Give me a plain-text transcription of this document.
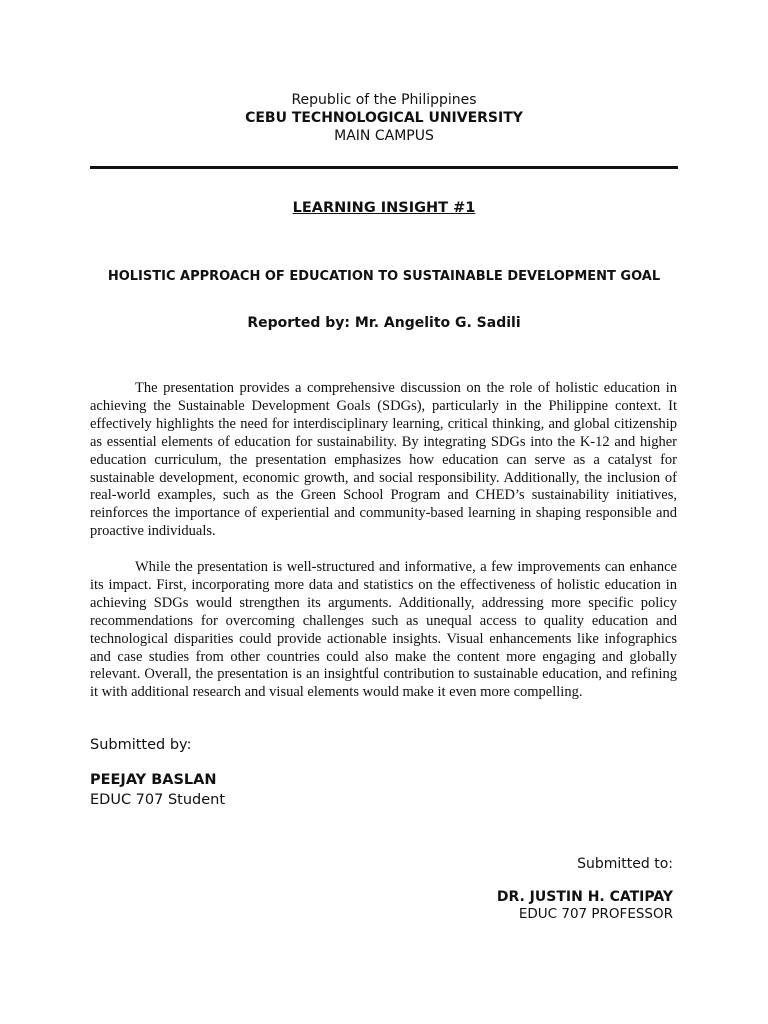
Republic of the Philippines
CEBU TECHNOLOGICAL UNIVERSITY
MAIN CAMPUS
LEARNING INSIGHT #1
HOLISTIC APPROACH OF EDUCATION TO SUSTAINABLE DEVELOPMENT GOAL
Reported by: Mr. Angelito G. Sadili

The presentation provides a comprehensive discussion on the role of holistic education in achieving the Sustainable Development Goals (SDGs), particularly in the Philippine context. It effectively highlights the need for interdisciplinary learning, critical thinking, and global citizenship as essential elements of education for sustainability. By integrating SDGs into the K-12 and higher education curriculum, the presentation emphasizes how education can serve as a catalyst for sustainable development, economic growth, and social responsibility. Additionally, the inclusion of real-world examples, such as the Green School Program and CHED’s sustainability initiatives, reinforces the importance of experiential and community-based learning in shaping responsible and proactive individuals.

While the presentation is well-structured and informative, a few improvements can enhance its impact. First, incorporating more data and statistics on the effectiveness of holistic education in achieving SDGs would strengthen its arguments. Additionally, addressing more specific policy recommendations for overcoming challenges such as unequal access to quality education and technological disparities could provide actionable insights. Visual enhancements like infographics and case studies from other countries could also make the content more engaging and globally relevant. Overall, the presentation is an insightful contribution to sustainable education, and refining it with additional research and visual elements would make it even more compelling.

Submitted by:
PEEJAY BASLAN
EDUC 707 Student
Submitted to:
DR. JUSTIN H. CATIPAY
EDUC 707 PROFESSOR
